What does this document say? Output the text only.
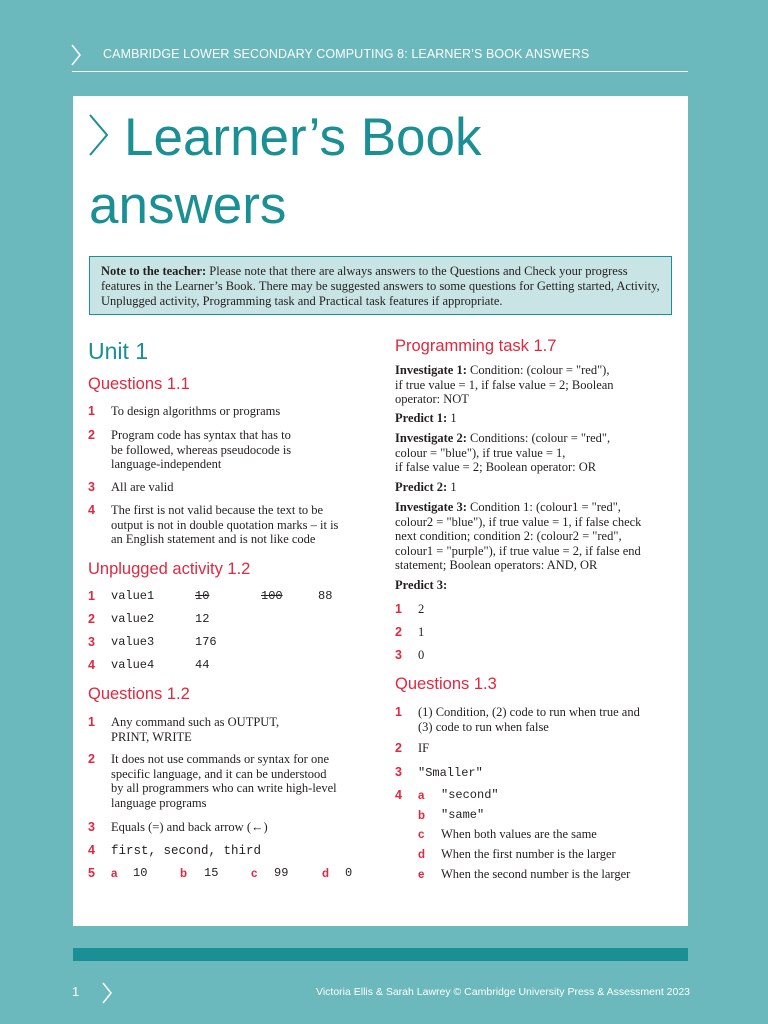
CAMBRIDGE LOWER SECONDARY COMPUTING 8: LEARNER’S BOOK ANSWERS
Learner’s Book
answers
Note to the teacher: Please note that there are always answers to the Questions and Check your progress features in the Learner’s Book. There may be suggested answers to some questions for Getting started, Activity, Unplugged activity, Programming task and Practical task features if appropriate.
Unit 1
Questions 1.1
1 To design algorithms or programs
2 Program code has syntax that has to
be followed, whereas pseudocode is
language-independent
3 All are valid
4 The first is not valid because the text to be
output is not in double quotation marks – it is
an English statement and is not like code
Unplugged activity 1.2
1 value1	10	100	88
2 value2	12
3 value3	176
4 value4	44
Questions 1.2
1 Any command such as OUTPUT,
PRINT, WRITE
2 It does not use commands or syntax for one
specific language, and it can be understood
by all programmers who can write high-level
language programs
3 Equals (=) and back arrow (←)
4 first, second, third
5 a 10	b 15	c 99	d 0
Programming task 1.7
Investigate 1: Condition: (colour = "red"),
if true value = 1, if false value = 2; Boolean
operator: NOT
Predict 1: 1
Investigate 2: Conditions: (colour = "red",
colour = "blue"), if true value = 1,
if false value = 2; Boolean operator: OR
Predict 2: 1
Investigate 3: Condition 1: (colour1 = "red",
colour2 = "blue"), if true value = 1, if false check
next condition; condition 2: (colour2 = "red",
colour1 = "purple"), if true value = 2, if false end
statement; Boolean operators: AND, OR
Predict 3:
1 2
2 1
3 0
Questions 1.3
1 (1) Condition, (2) code to run when true and
(3) code to run when false
2 IF
3 "Smaller"
4 a "second"
b "same"
c When both values are the same
d When the first number is the larger
e When the second number is the larger
1	Victoria Ellis & Sarah Lawrey © Cambridge University Press & Assessment 2023
